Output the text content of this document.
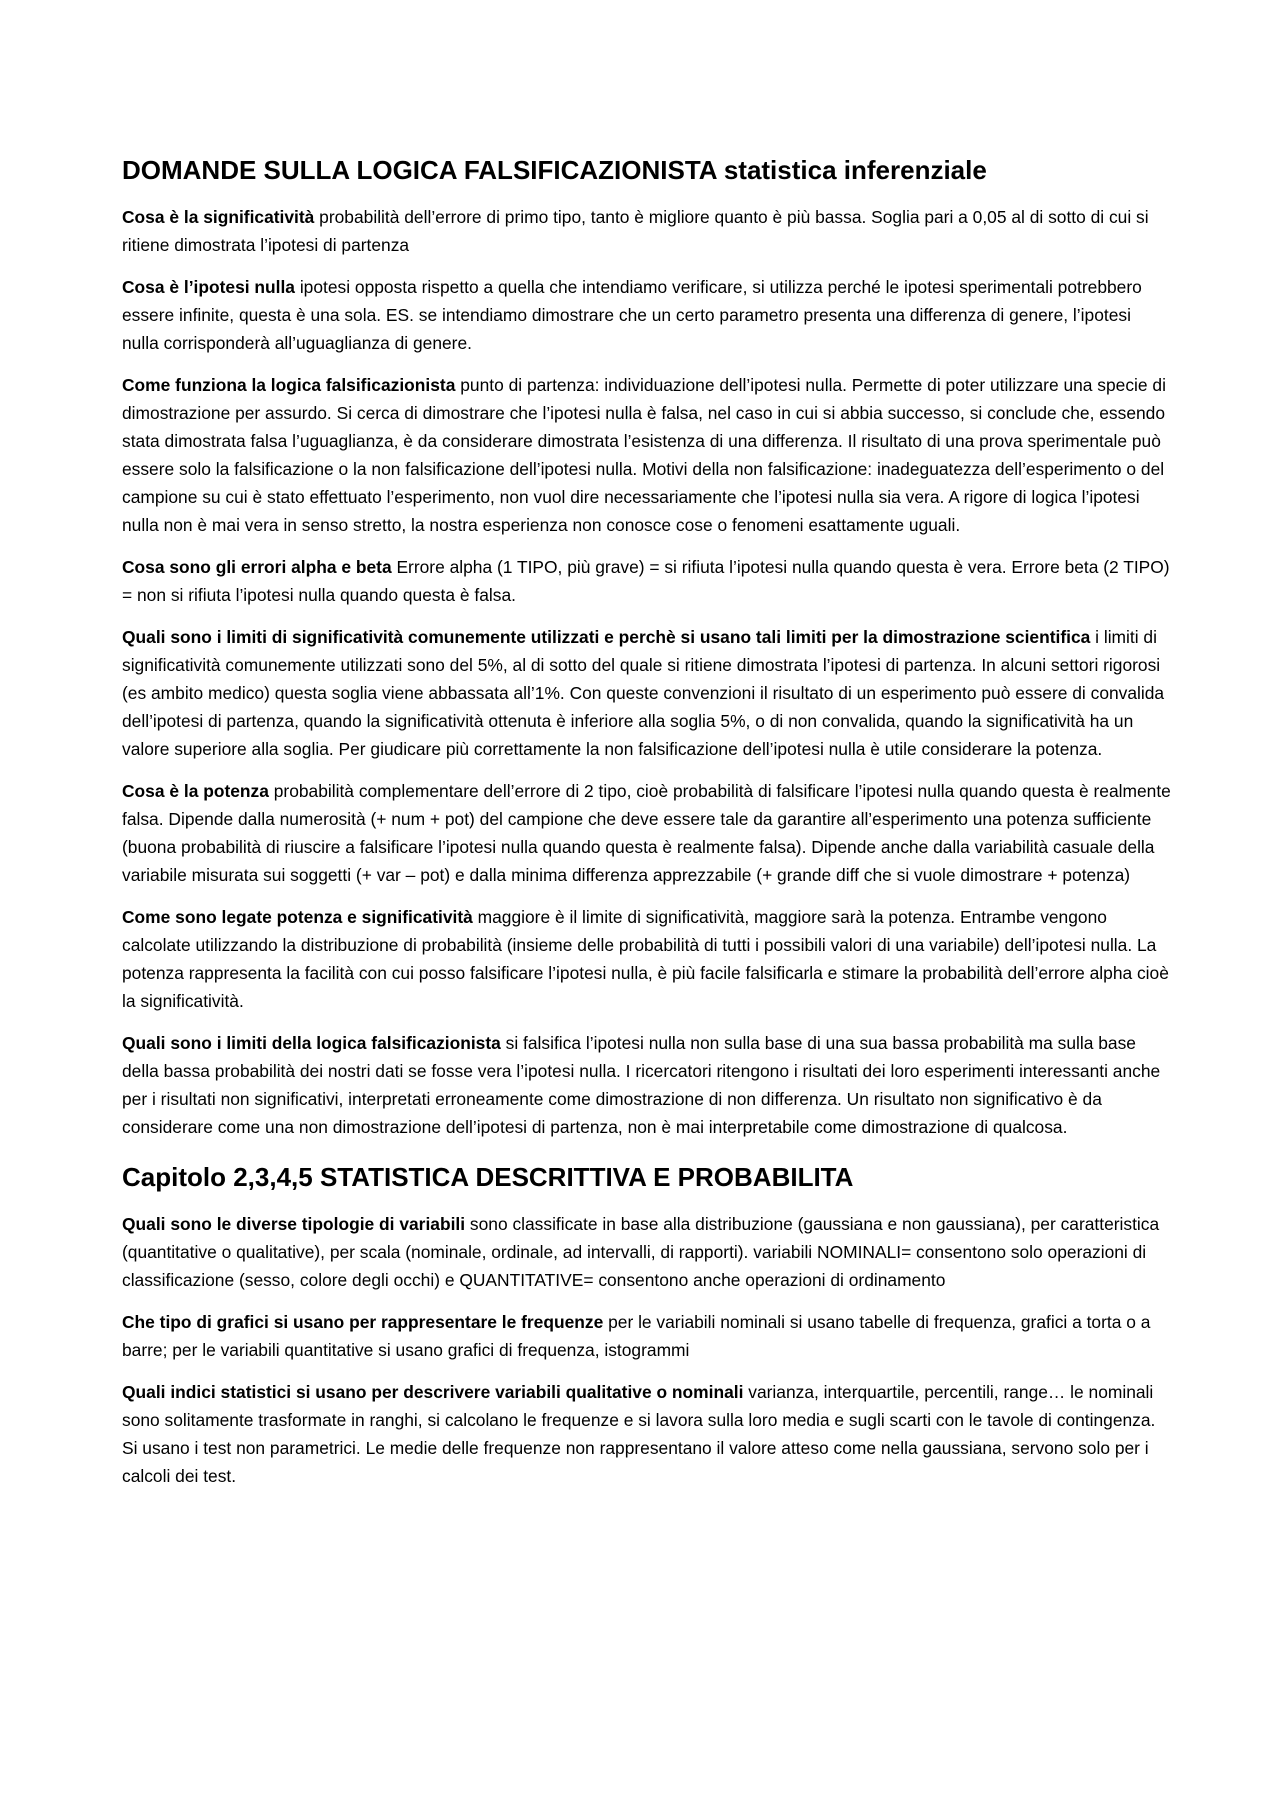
DOMANDE SULLA LOGICA FALSIFICAZIONISTA statistica inferenziale

Cosa è la significatività probabilità dell’errore di primo tipo, tanto è migliore quanto è più bassa. Soglia pari a 0,05 al di sotto di cui si ritiene dimostrata l’ipotesi di partenza

Cosa è l’ipotesi nulla ipotesi opposta rispetto a quella che intendiamo verificare, si utilizza perché le ipotesi sperimentali potrebbero essere infinite, questa è una sola. ES. se intendiamo dimostrare che un certo parametro presenta una differenza di genere, l’ipotesi nulla corrisponderà all’uguaglianza di genere.

Come funziona la logica falsificazionista punto di partenza: individuazione dell’ipotesi nulla. Permette di poter utilizzare una specie di dimostrazione per assurdo. Si cerca di dimostrare che l’ipotesi nulla è falsa, nel caso in cui si abbia successo, si conclude che, essendo stata dimostrata falsa l’uguaglianza, è da considerare dimostrata l’esistenza di una differenza. Il risultato di una prova sperimentale può essere solo la falsificazione o la non falsificazione dell’ipotesi nulla. Motivi della non falsificazione: inadeguatezza dell’esperimento o del campione su cui è stato effettuato l’esperimento, non vuol dire necessariamente che l’ipotesi nulla sia vera. A rigore di logica l’ipotesi nulla non è mai vera in senso stretto, la nostra esperienza non conosce cose o fenomeni esattamente uguali.

Cosa sono gli errori alpha e beta Errore alpha (1 TIPO, più grave) = si rifiuta l’ipotesi nulla quando questa è vera. Errore beta (2 TIPO) = non si rifiuta l’ipotesi nulla quando questa è falsa.

Quali sono i limiti di significatività comunemente utilizzati e perchè si usano tali limiti per la dimostrazione scientifica i limiti di significatività comunemente utilizzati sono del 5%, al di sotto del quale si ritiene dimostrata l’ipotesi di partenza. In alcuni settori rigorosi (es ambito medico) questa soglia viene abbassata all’1%. Con queste convenzioni il risultato di un esperimento può essere di convalida dell’ipotesi di partenza, quando la significatività ottenuta è inferiore alla soglia 5%, o di non convalida, quando la significatività ha un valore superiore alla soglia. Per giudicare più correttamente la non falsificazione dell’ipotesi nulla è utile considerare la potenza.

Cosa è la potenza probabilità complementare dell’errore di 2 tipo, cioè probabilità di falsificare l’ipotesi nulla quando questa è realmente falsa. Dipende dalla numerosità (+ num + pot) del campione che deve essere tale da garantire all’esperimento una potenza sufficiente (buona probabilità di riuscire a falsificare l’ipotesi nulla quando questa è realmente falsa). Dipende anche dalla variabilità casuale della variabile misurata sui soggetti (+ var – pot) e dalla minima differenza apprezzabile (+ grande diff che si vuole dimostrare + potenza)

Come sono legate potenza e significatività maggiore è il limite di significatività, maggiore sarà la potenza. Entrambe vengono calcolate utilizzando la distribuzione di probabilità (insieme delle probabilità di tutti i possibili valori di una variabile) dell’ipotesi nulla. La potenza rappresenta la facilità con cui posso falsificare l’ipotesi nulla, è più facile falsificarla e stimare la probabilità dell’errore alpha cioè la significatività.

Quali sono i limiti della logica falsificazionista si falsifica l’ipotesi nulla non sulla base di una sua bassa probabilità ma sulla base della bassa probabilità dei nostri dati se fosse vera l’ipotesi nulla. I ricercatori ritengono i risultati dei loro esperimenti interessanti anche per i risultati non significativi, interpretati erroneamente come dimostrazione di non differenza. Un risultato non significativo è da considerare come una non dimostrazione dell’ipotesi di partenza, non è mai interpretabile come dimostrazione di qualcosa.

Capitolo 2,3,4,5 STATISTICA DESCRITTIVA E PROBABILITA

Quali sono le diverse tipologie di variabili sono classificate in base alla distribuzione (gaussiana e non gaussiana), per caratteristica (quantitative o qualitative), per scala (nominale, ordinale, ad intervalli, di rapporti). variabili NOMINALI= consentono solo operazioni di classificazione (sesso, colore degli occhi) e QUANTITATIVE= consentono anche operazioni di ordinamento

Che tipo di grafici si usano per rappresentare le frequenze per le variabili nominali si usano tabelle di frequenza, grafici a torta o a barre; per le variabili quantitative si usano grafici di frequenza, istogrammi

Quali indici statistici si usano per descrivere variabili qualitative o nominali varianza, interquartile, percentili, range… le nominali sono solitamente trasformate in ranghi, si calcolano le frequenze e si lavora sulla loro media e sugli scarti con le tavole di contingenza. Si usano i test non parametrici. Le medie delle frequenze non rappresentano il valore atteso come nella gaussiana, servono solo per i calcoli dei test.
